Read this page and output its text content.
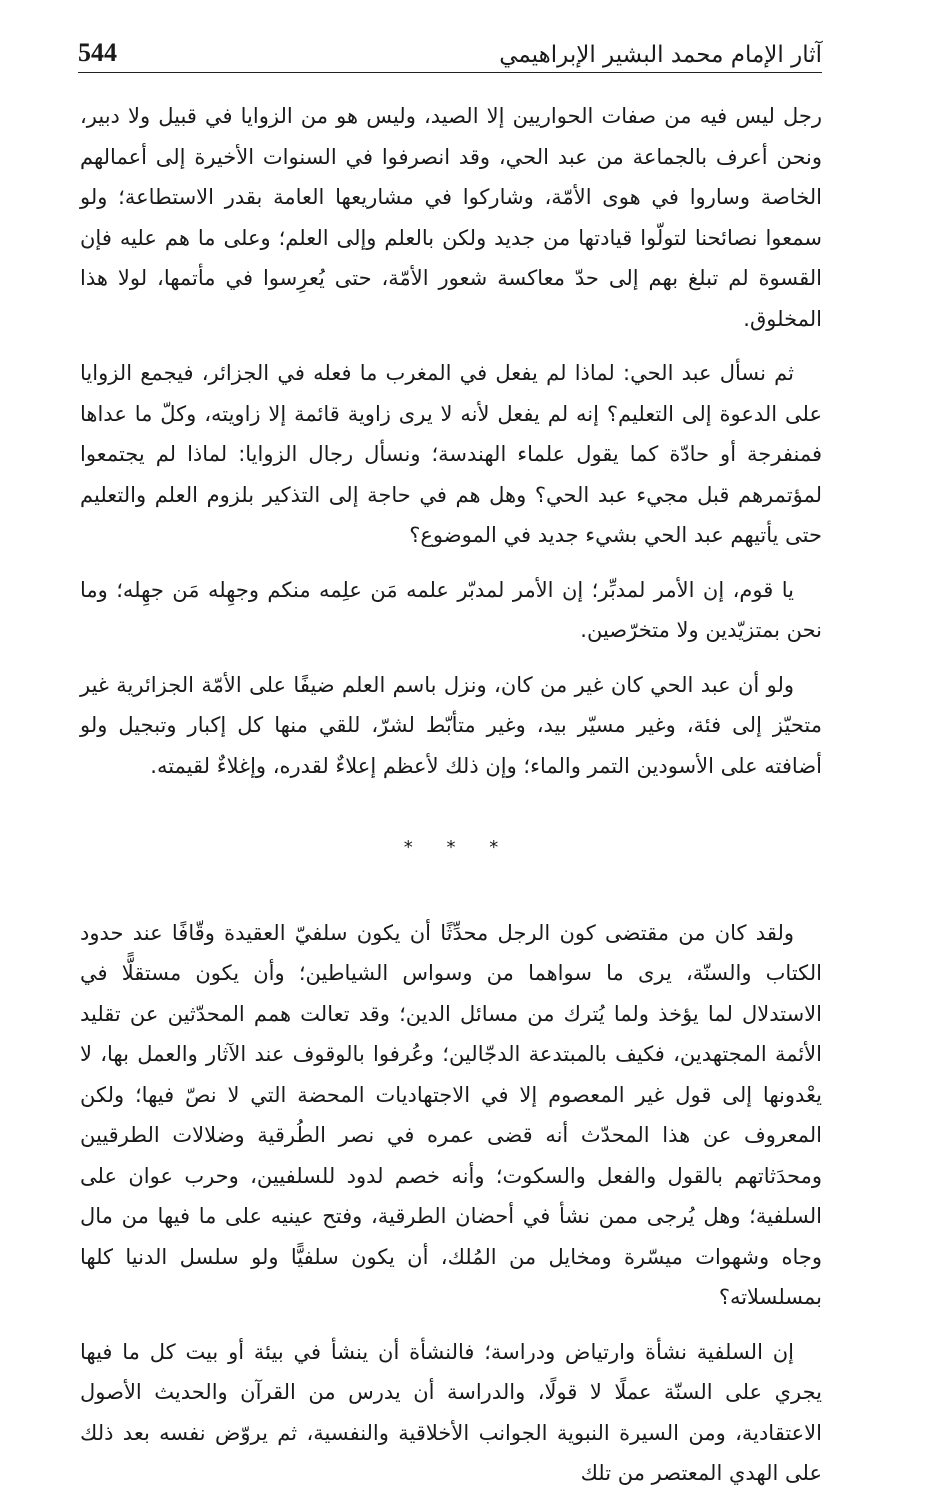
544	آثار الإمام محمد البشير الإبراهيمي

رجل ليس فيه من صفات الحواريين إلا الصيد، وليس هو من الزوايا في قبيل ولا دبير، ونحن أعرف بالجماعة من عبد الحي، وقد انصرفوا في السنوات الأخيرة إلى أعمالهم الخاصة وساروا في هوى الأمّة، وشاركوا في مشاريعها العامة بقدر الاستطاعة؛ ولو سمعوا نصائحنا لتولّوا قيادتها من جديد ولكن بالعلم وإلى العلم؛ وعلى ما هم عليه فإن القسوة لم تبلغ بهم إلى حدّ معاكسة شعور الأمّة، حتى يُعرِسوا في مأتمها، لولا هذا المخلوق.

ثم نسأل عبد الحي: لماذا لم يفعل في المغرب ما فعله في الجزائر، فيجمع الزوايا على الدعوة إلى التعليم؟ إنه لم يفعل لأنه لا يرى زاوية قائمة إلا زاويته، وكلّ ما عداها فمنفرجة أو حادّة كما يقول علماء الهندسة؛ ونسأل رجال الزوايا: لماذا لم يجتمعوا لمؤتمرهم قبل مجيء عبد الحي؟ وهل هم في حاجة إلى التذكير بلزوم العلم والتعليم حتى يأتيهم عبد الحي بشيء جديد في الموضوع؟

يا قوم، إن الأمر لمدبِّر؛ إن الأمر لمدبّر علمه مَن علِمه منكم وجهِله مَن جهِله؛ وما نحن بمتزيّدين ولا متخرّصين.

ولو أن عبد الحي كان غير من كان، ونزل باسم العلم ضيفًا على الأمّة الجزائرية غير متحيّز إلى فئة، وغير مسيّر بيد، وغير متأبّط لشرّ، للقي منها كل إكبار وتبجيل ولو أضافته على الأسودين التمر والماء؛ وإن ذلك لأعظم إعلاءٌ لقدره، وإغلاءٌ لقيمته.

* * *

ولقد كان من مقتضى كون الرجل محدِّثًا أن يكون سلفيّ العقيدة وقّافًا عند حدود الكتاب والسنّة، يرى ما سواهما من وسواس الشياطين؛ وأن يكون مستقلًّا في الاستدلال لما يؤخذ ولما يُترك من مسائل الدين؛ وقد تعالت همم المحدّثين عن تقليد الأئمة المجتهدين، فكيف بالمبتدعة الدجّالين؛ وعُرفوا بالوقوف عند الآثار والعمل بها، لا يعْدونها إلى قول غير المعصوم إلا في الاجتهاديات المحضة التي لا نصّ فيها؛ ولكن المعروف عن هذا المحدّث أنه قضى عمره في نصر الطُرقية وضلالات الطرقيين ومحدَثاتهم بالقول والفعل والسكوت؛ وأنه خصم لدود للسلفيين، وحرب عوان على السلفية؛ وهل يُرجى ممن نشأ في أحضان الطرقية، وفتح عينيه على ما فيها من مال وجاه وشهوات ميسّرة ومخايل من المُلك، أن يكون سلفيًّا ولو سلسل الدنيا كلها بمسلسلاته؟

إن السلفية نشأة وارتياض ودراسة؛ فالنشأة أن ينشأ في بيئة أو بيت كل ما فيها يجري على السنّة عملًا لا قولًا، والدراسة أن يدرس من القرآن والحديث الأصول الاعتقادية، ومن السيرة النبوية الجوانب الأخلاقية والنفسية، ثم يروّض نفسه بعد ذلك على الهدي المعتصر من تلك
